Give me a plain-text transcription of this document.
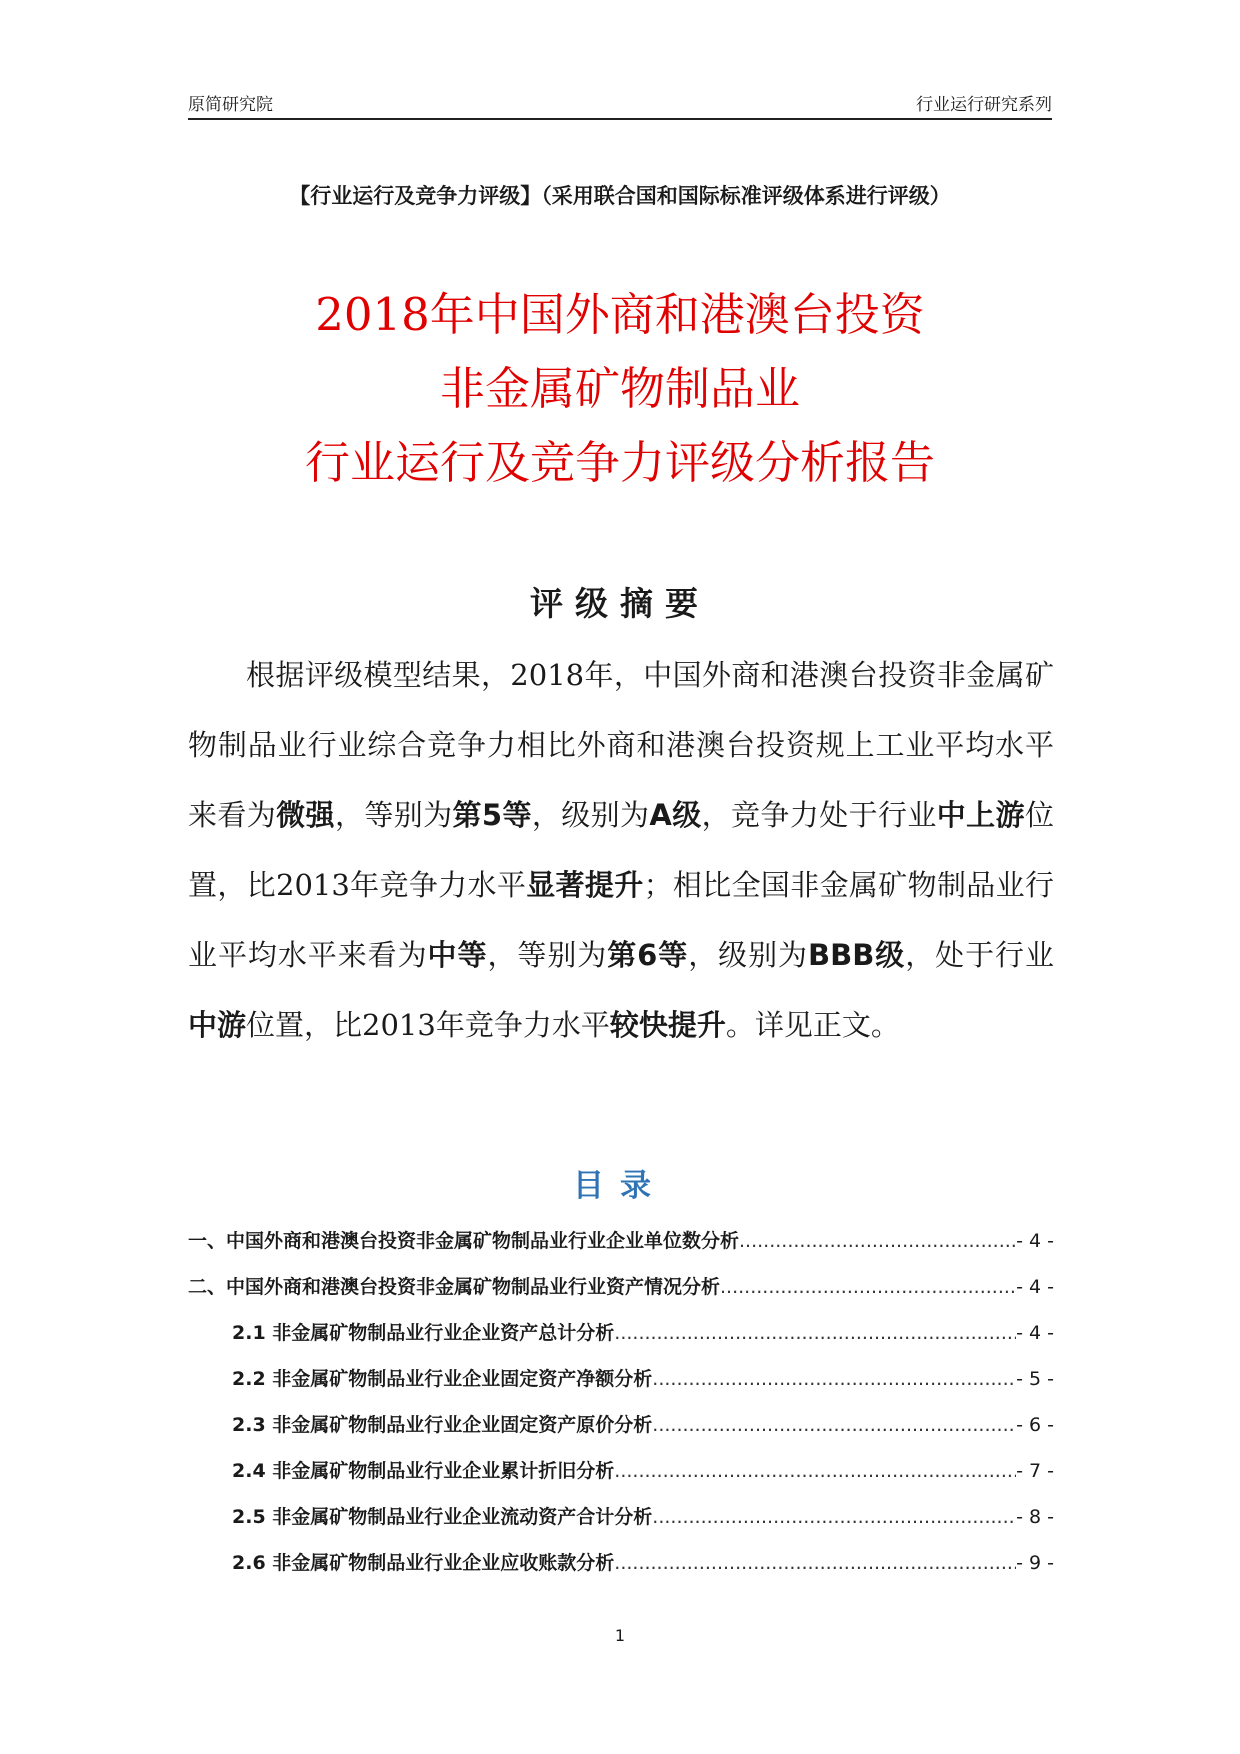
原简研究院	行业运行研究系列
【行业运行及竞争力评级】（采用联合国和国际标准评级体系进行评级）
2018年中国外商和港澳台投资
非金属矿物制品业
行业运行及竞争力评级分析报告
评级摘要
根据评级模型结果，2018年，中国外商和港澳台投资非金属矿物制品业行业综合竞争力相比外商和港澳台投资规上工业平均水平来看为微强，等别为第5等，级别为A级，竞争力处于行业中上游位置，比2013年竞争力水平显著提升；相比全国非金属矿物制品业行业平均水平来看为中等，等别为第6等，级别为BBB级，处于行业中游位置，比2013年竞争力水平较快提升。详见正文。
目录
一、中国外商和港澳台投资非金属矿物制品业行业企业单位数分析 .....	- 4 -
二、中国外商和港澳台投资非金属矿物制品业行业资产情况分析 .....	- 4 -
2.1 非金属矿物制品业行业企业资产总计分析 .....	- 4 -
2.2 非金属矿物制品业行业企业固定资产净额分析 .....	- 5 -
2.3 非金属矿物制品业行业企业固定资产原价分析 .....	- 6 -
2.4 非金属矿物制品业行业企业累计折旧分析 .....	- 7 -
2.5 非金属矿物制品业行业企业流动资产合计分析 .....	- 8 -
2.6 非金属矿物制品业行业企业应收账款分析 .....	- 9 -
1
